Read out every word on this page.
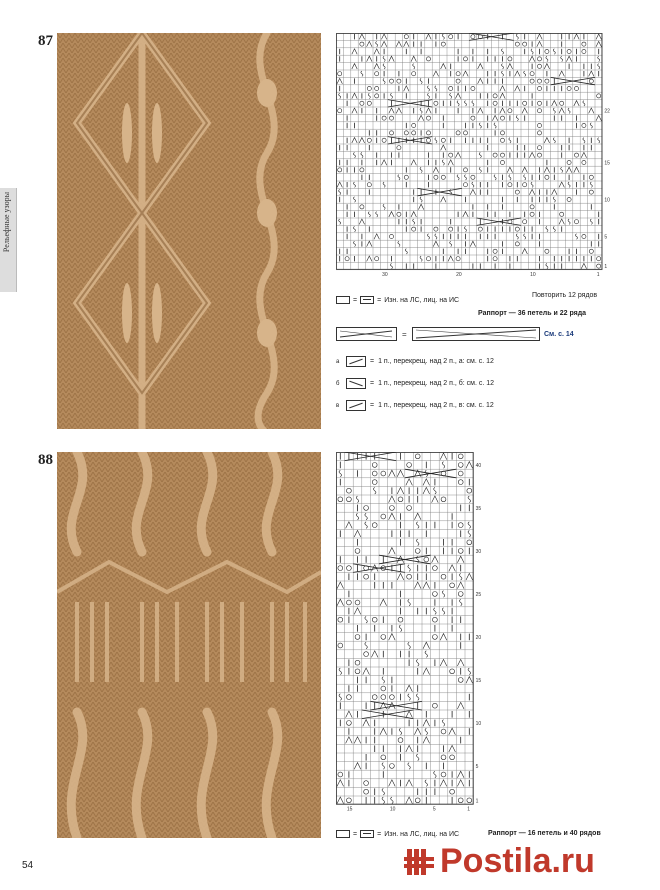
87
88
Рельефные узоры
1
5
10
15
22
1
10
20
30
Повторить 12 рядов
=	= Изн. на ЛС, лиц. на ИС
Раппорт — 36 петель и 22 ряда
=	См. с. 14
а	= 1 п., перекрещ. над 2 п., а: см. с. 12
б	= 1 п., перекрещ. над 2 п., б: см. с. 12
в	= 1 п., перекрещ. над 2 п., в: см. с. 12
1
5
10
15
20
25
30
35
40
1
5
10
15
=	= Изн. на ЛС, лиц. на ИС	Раппорт — 16 петель и 40 рядов
54	Postila.ru
